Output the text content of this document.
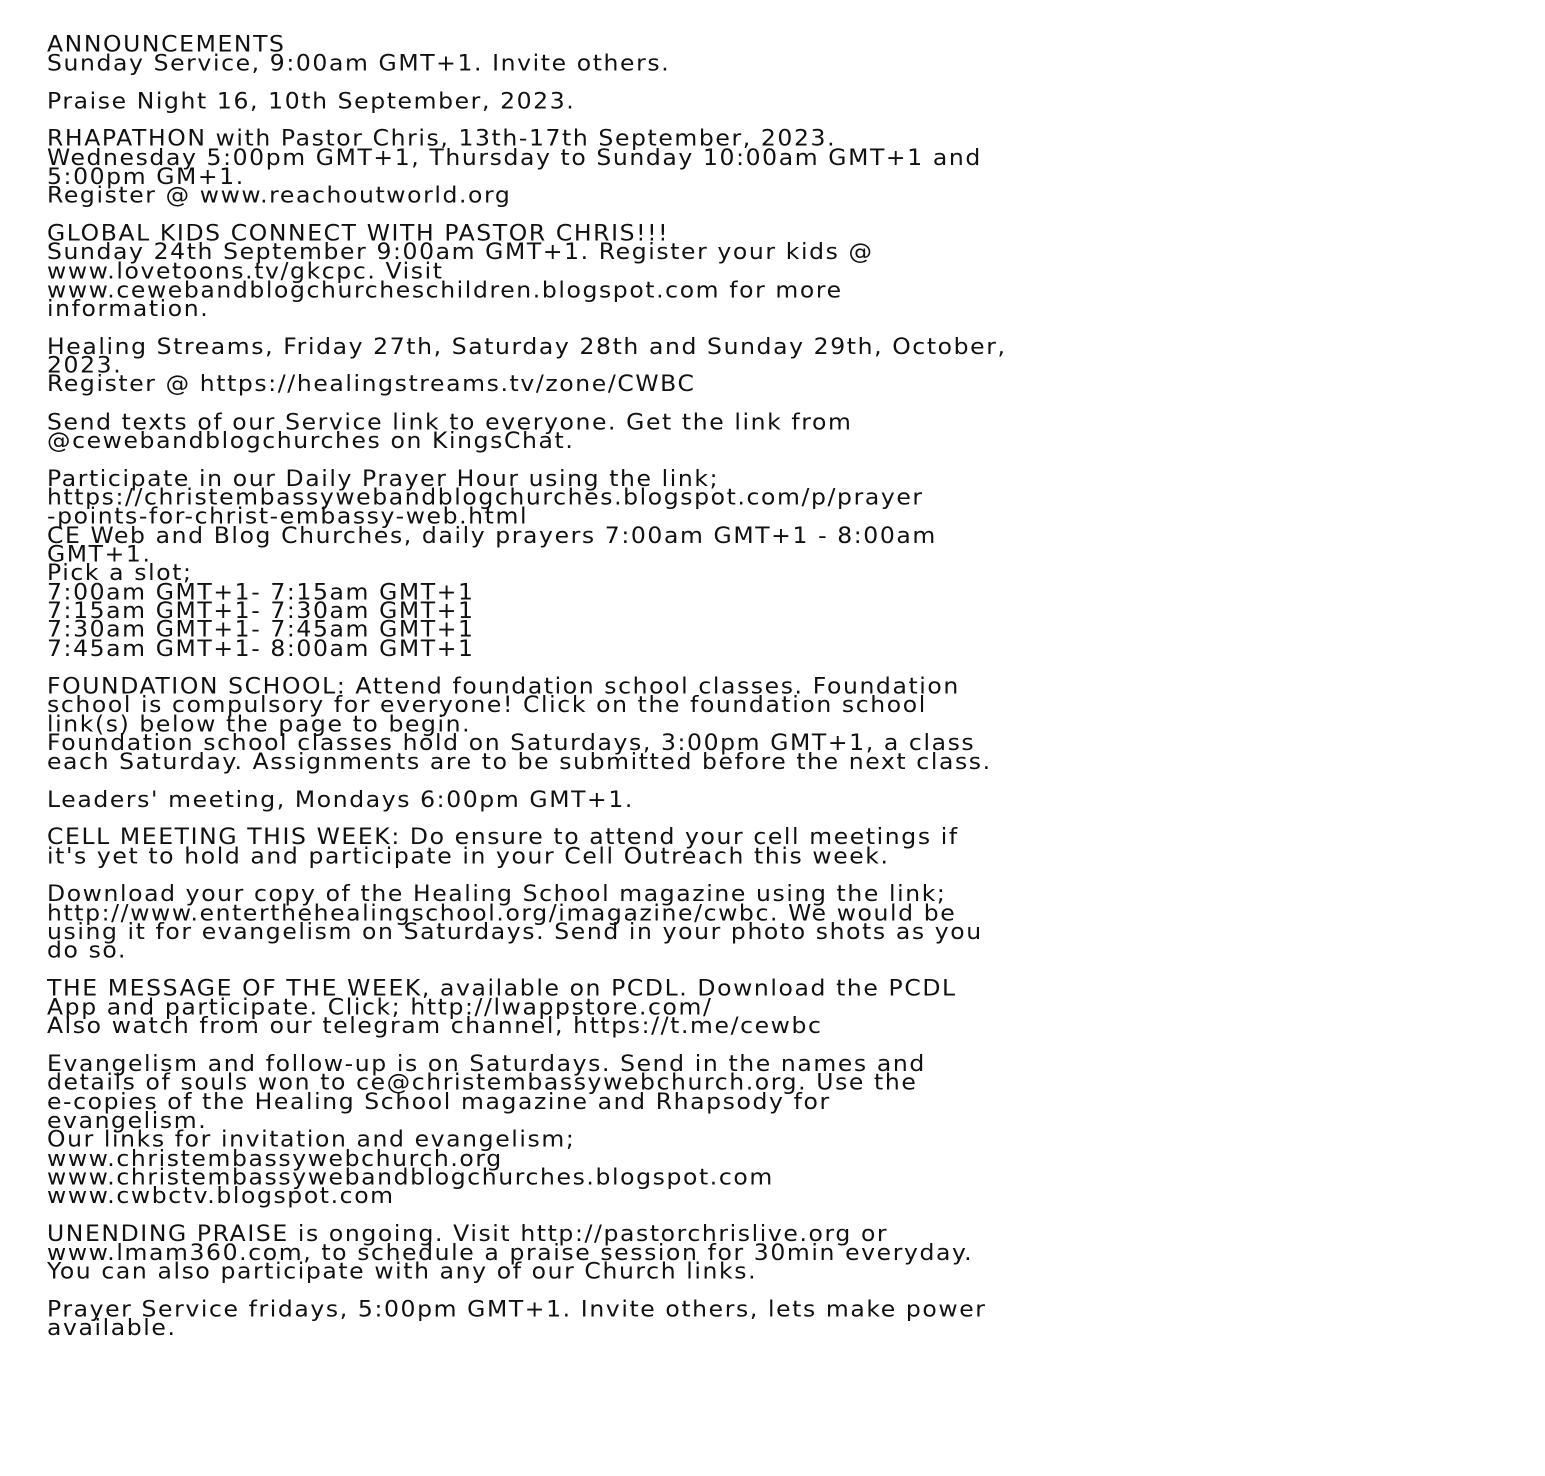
ANNOUNCEMENTS
Sunday Service, 9:00am GMT+1. Invite others.
Praise Night 16, 10th September, 2023.
RHAPATHON with Pastor Chris, 13th-17th September, 2023.
Wednesday 5:00pm GMT+1, Thursday to Sunday 10:00am GMT+1 and
5:00pm GM+1.
Register @ www.reachoutworld.org
GLOBAL KIDS CONNECT WITH PASTOR CHRIS!!!
Sunday 24th September 9:00am GMT+1. Register your kids @
www.lovetoons.tv/gkcpc. Visit
www.cewebandblogchurcheschildren.blogspot.com for more
information.
Healing Streams, Friday 27th, Saturday 28th and Sunday 29th, October,
2023.
Register @ https://healingstreams.tv/zone/CWBC
Send texts of our Service link to everyone. Get the link from
@cewebandblogchurches on KingsChat.
Participate in our Daily Prayer Hour using the link;
https://christembassywebandblogchurches.blogspot.com/p/prayer
-points-for-christ-embassy-web.html
CE Web and Blog Churches, daily prayers 7:00am GMT+1 - 8:00am
GMT+1.
Pick a slot;
7:00am GMT+1- 7:15am GMT+1
7:15am GMT+1- 7:30am GMT+1
7:30am GMT+1- 7:45am GMT+1
7:45am GMT+1- 8:00am GMT+1
FOUNDATION SCHOOL: Attend foundation school classes. Foundation
school is compulsory for everyone! Click on the foundation school
link(s) below the page to begin.
Foundation school classes hold on Saturdays, 3:00pm GMT+1, a class
each Saturday. Assignments are to be submitted before the next class.
Leaders' meeting, Mondays 6:00pm GMT+1.
CELL MEETING THIS WEEK: Do ensure to attend your cell meetings if
it's yet to hold and participate in your Cell Outreach this week.
Download your copy of the Healing School magazine using the link;
http://www.enterthehealingschool.org/imagazine/cwbc. We would be
using it for evangelism on Saturdays. Send in your photo shots as you
do so.
THE MESSAGE OF THE WEEK, available on PCDL. Download the PCDL
App and participate. Click; http://lwappstore.com/
Also watch from our telegram channel, https://t.me/cewbc
Evangelism and follow-up is on Saturdays. Send in the names and
details of souls won to ce@christembassywebchurch.org. Use the
e-copies of the Healing School magazine and Rhapsody for
evangelism.
Our links for invitation and evangelism;
www.christembassywebchurch.org
www.christembassywebandblogchurches.blogspot.com
www.cwbctv.blogspot.com
UNENDING PRAISE is ongoing. Visit http://pastorchrislive.org or
www.lmam360.com, to schedule a praise session for 30min everyday.
You can also participate with any of our Church links.
Prayer Service fridays, 5:00pm GMT+1. Invite others, lets make power
available.
